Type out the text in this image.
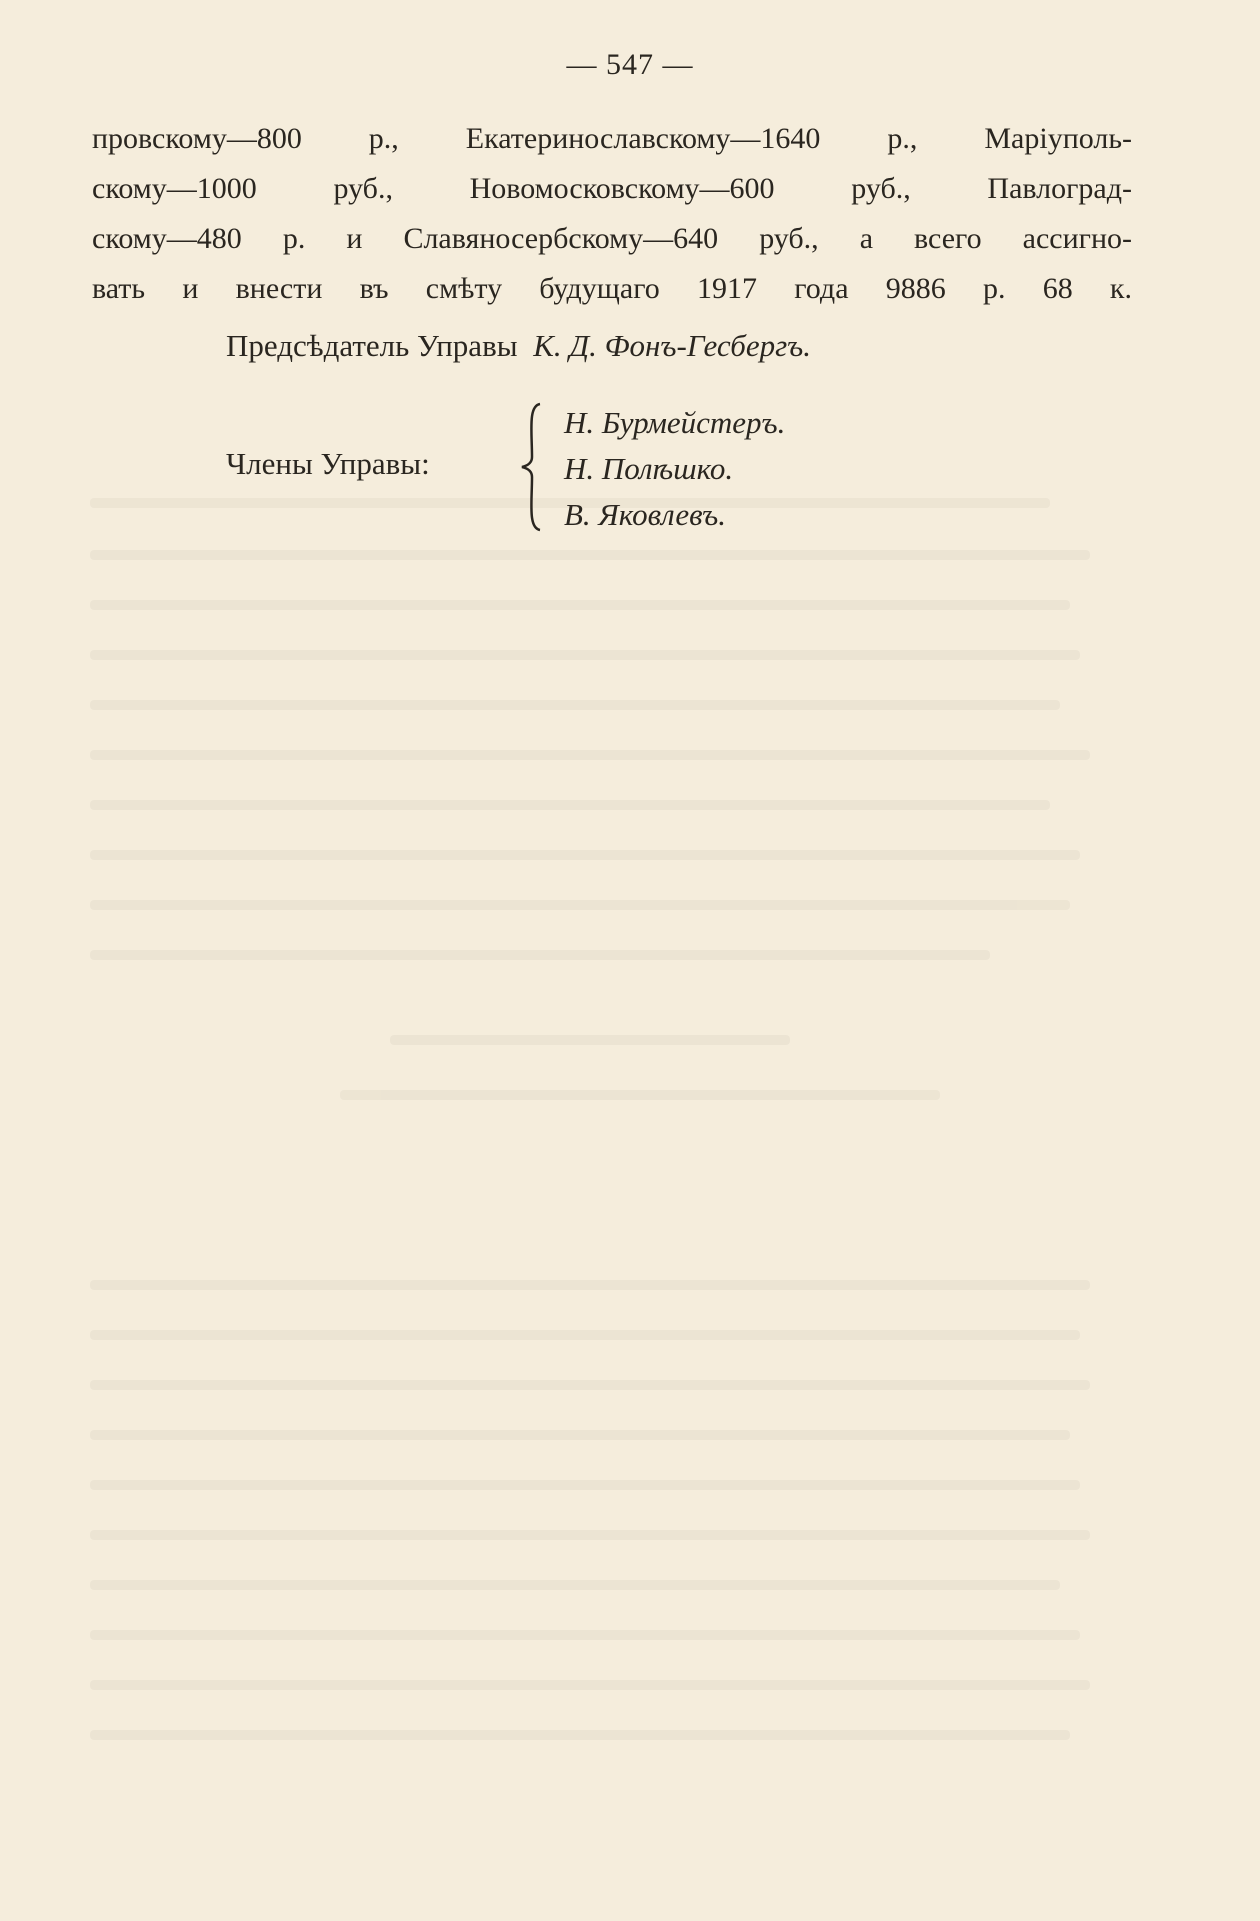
— 547 —
провскому—800 р., Екатеринославскому—1640 р., Маріуполь-
скому—1000 руб., Новомосковскому—600 руб., Павлоград-
скому—480 р. и Славяносербскому—640 руб., а всего ассигно-
вать и внести въ смѣту будущаго 1917 года 9886 р. 68 к.
Предсѣдатель Управы К. Д. Фонъ-Гесбергъ.
Члены Управы:
Н. Бурмейстеръ.
Н. Полѣшко.
В. Яковлевъ.
